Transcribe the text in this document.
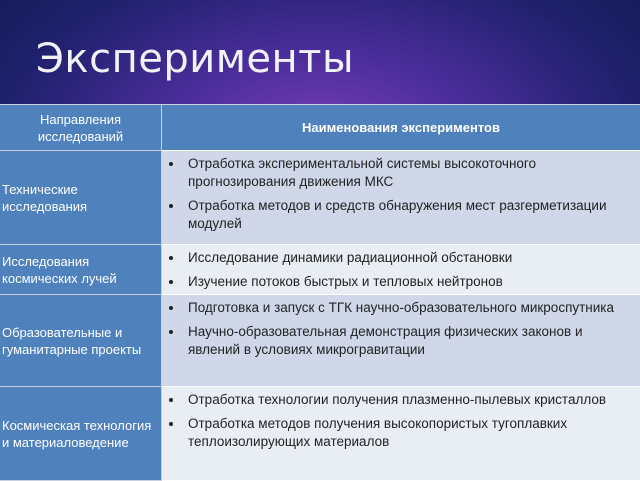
Эксперименты
Направления исследований
Наименования экспериментов
Технические исследования
• Отработка экспериментальной системы высокоточного прогнозирования движения МКС
• Отработка методов и средств обнаружения мест разгерметизации модулей
Исследования космических лучей
• Исследование динамики радиационной обстановки
• Изучение потоков быстрых и тепловых нейтронов
Образовательные и гуманитарные проекты
• Подготовка и запуск с ТГК научно-образовательного микроспутника
• Научно-образовательная демонстрация физических законов и явлений в условиях микрогравитации
Космическая технология и материаловедение
• Отработка технологии получения плазменно-пылевых кристаллов
• Отработка методов получения высокопористых тугоплавких теплоизолирующих материалов
